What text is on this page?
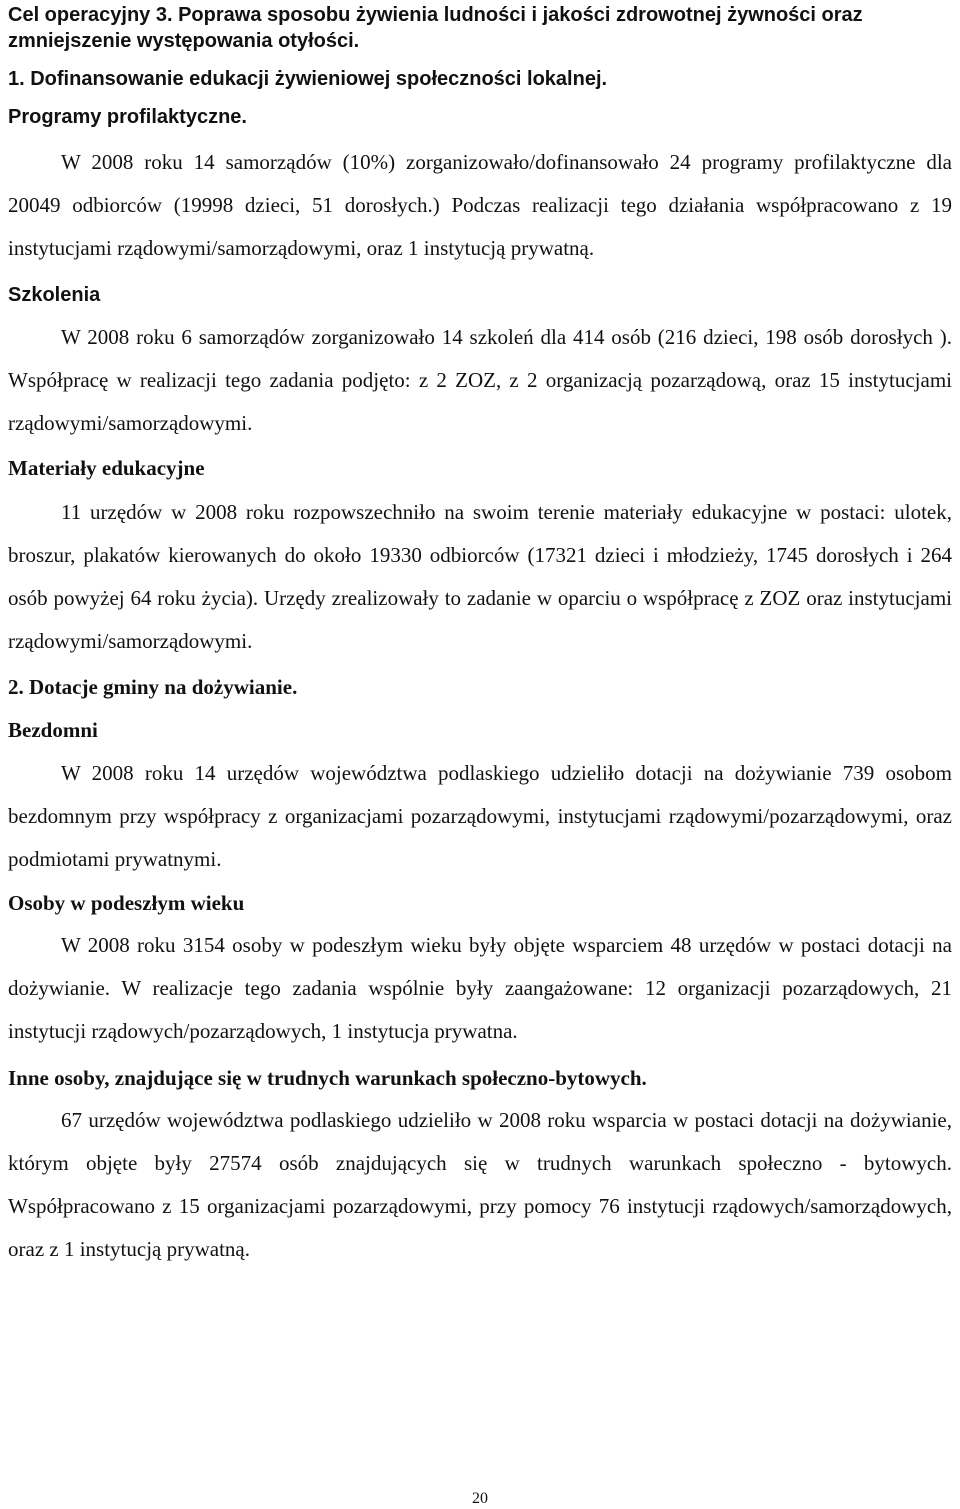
Cel operacyjny 3. Poprawa sposobu żywienia ludności i jakości zdrowotnej żywności oraz zmniejszenie występowania otyłości.
1. Dofinansowanie edukacji żywieniowej społeczności lokalnej.
Programy profilaktyczne.

W 2008 roku 14 samorządów (10%) zorganizowało/dofinansowało 24 programy profilaktyczne dla 20049 odbiorców (19998 dzieci, 51 dorosłych.) Podczas realizacji tego działania współpracowano z 19 instytucjami rządowymi/samorządowymi, oraz 1 instytucją prywatną.

Szkolenia

W 2008 roku 6 samorządów zorganizowało 14 szkoleń dla 414 osób (216 dzieci, 198 osób dorosłych ). Współpracę w realizacji tego zadania podjęto: z 2 ZOZ, z 2 organizacją pozarządową, oraz 15 instytucjami rządowymi/samorządowymi.

Materiały edukacyjne

11 urzędów w 2008 roku rozpowszechniło na swoim terenie materiały edukacyjne w postaci: ulotek, broszur, plakatów kierowanych do około 19330 odbiorców (17321 dzieci i młodzieży, 1745 dorosłych i 264 osób powyżej 64 roku życia). Urzędy zrealizowały to zadanie w oparciu o współpracę z ZOZ oraz instytucjami rządowymi/samorządowymi.

2. Dotacje gminy na dożywianie.
Bezdomni

W 2008 roku 14 urzędów województwa podlaskiego udzieliło dotacji na dożywianie 739 osobom bezdomnym przy współpracy z organizacjami pozarządowymi, instytucjami rządowymi/pozarządowymi, oraz podmiotami prywatnymi.

Osoby w podeszłym wieku

W 2008 roku 3154 osoby w podeszłym wieku były objęte wsparciem 48 urzędów w postaci dotacji na dożywianie. W realizacje tego zadania wspólnie były zaangażowane: 12 organizacji pozarządowych, 21 instytucji rządowych/pozarządowych, 1 instytucja prywatna.

Inne osoby, znajdujące się w trudnych warunkach społeczno-bytowych.

67 urzędów województwa podlaskiego udzieliło w 2008 roku wsparcia w postaci dotacji na dożywianie, którym objęte były 27574 osób znajdujących się w trudnych warunkach społeczno - bytowych. Współpracowano z 15 organizacjami pozarządowymi, przy pomocy 76 instytucji rządowych/samorządowych, oraz z 1 instytucją prywatną.

20
